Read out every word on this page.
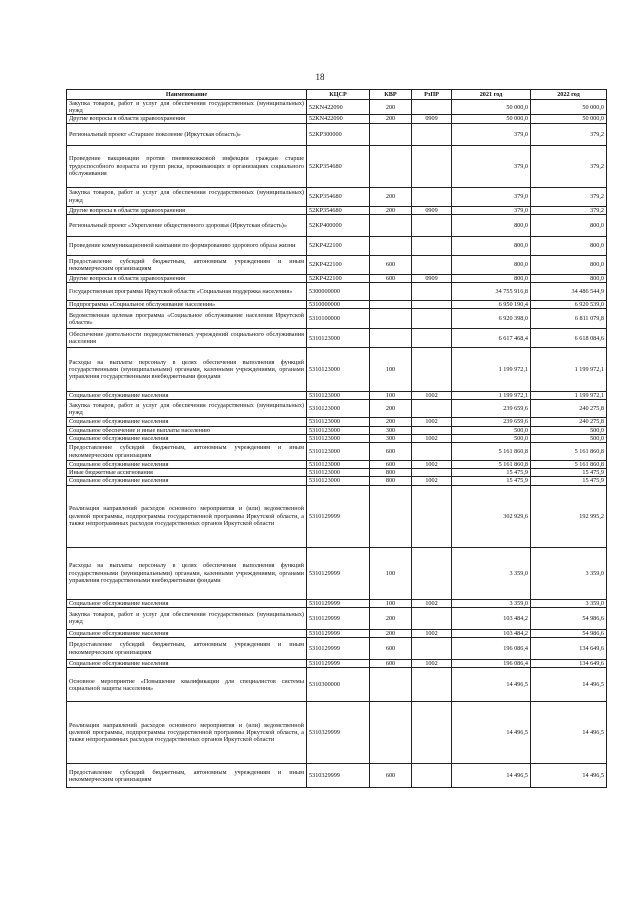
18
Наименование	КЦСР	КВР	РзПР	2021 год	2022 год
Закупка товаров, работ и услуг для обеспечения государственных (муниципальных) нужд	52KN422090	200		50 000,0	50 000,0
Другие вопросы в области здравоохранения	52KN422090	200	0909	50 000,0	50 000,0
Региональный проект «Старшее поколение (Иркутская область)»	52KP300000			379,0	379,2
Проведение вакцинации против пневмококковой инфекции граждан старше трудоспособного возраста из групп риска, проживающих в организациях социального обслуживания	52KP354680			379,0	379,2
Закупка товаров, работ и услуг для обеспечения государственных (муниципальных) нужд	52KP354680	200		379,0	379,2
Другие вопросы в области здравоохранения	52KP354680	200	0909	379,0	379,2
Региональный проект «Укрепление общественного здоровья (Иркутская область)»	52KP400000			800,0	800,0
Проведение коммуникационной кампании по формированию здорового образа жизни	52KP422100			800,0	800,0
Предоставление субсидий бюджетным, автономным учреждениям и иным некоммерческим организациям	52KP422100	600		800,0	800,0
Другие вопросы в области здравоохранения	52KP422100	600	0909	800,0	800,0
Государственная программа Иркутской области «Социальная поддержка населения»	5300000000			34 755 916,8	34 486 544,9
Подпрограмма «Социальное обслуживание населения»	5310000000			6 950 190,4	6 920 539,0
Ведомственная целевая программа «Социальное обслуживание населения Иркутской области»	5310100000			6 920 398,0	6 811 079,8
Обеспечение деятельности подведомственных учреждений социального обслуживания населения	5310123000			6 617 468,4	6 618 084,6
Расходы на выплаты персоналу в целях обеспечения выполнения функций государственными (муниципальными) органами, казенными учреждениями, органами управления государственными внебюджетными фондами	5310123000	100		1 199 972,1	1 199 972,1
Социальное обслуживание населения	5310123000	100	1002	1 199 972,1	1 199 972,1
Закупка товаров, работ и услуг для обеспечения государственных (муниципальных) нужд	5310123000	200		239 659,6	240 275,8
Социальное обслуживание населения	5310123000	200	1002	239 659,6	240 275,8
Социальное обеспечение и иные выплаты населению	5310123000	300		500,0	500,0
Социальное обслуживание населения	5310123000	300	1002	500,0	500,0
Предоставление субсидий бюджетным, автономным учреждениям и иным некоммерческим организациям	5310123000	600		5 161 860,8	5 161 860,8
Социальное обслуживание населения	5310123000	600	1002	5 161 860,8	5 161 860,8
Иные бюджетные ассигнования	5310123000	800		15 475,9	15 475,9
Социальное обслуживание населения	5310123000	800	1002	15 475,9	15 475,9
Реализация направлений расходов основного мероприятия и (или) ведомственной целевой программы, подпрограммы государственной программы Иркутской области, а также непрограммных расходов государственных органов Иркутской области	5310129999			302 929,6	192 995,2
Расходы на выплаты персоналу в целях обеспечения выполнения функций государственными (муниципальными) органами, казенными учреждениями, органами управления государственными внебюджетными фондами	5310129999	100		3 359,0	3 359,0
Социальное обслуживание населения	5310129999	100	1002	3 359,0	3 359,0
Закупка товаров, работ и услуг для обеспечения государственных (муниципальных) нужд	5310129999	200		103 484,2	54 986,6
Социальное обслуживание населения	5310129999	200	1002	103 484,2	54 986,6
Предоставление субсидий бюджетным, автономным учреждениям и иным некоммерческим организациям	5310129999	600		196 086,4	134 649,6
Социальное обслуживание населения	5310129999	600	1002	196 086,4	134 649,6
Основное мероприятие «Повышение квалификации для специалистов системы социальной защиты населения»	5310300000			14 496,5	14 496,5
Реализация направлений расходов основного мероприятия и (или) ведомственной целевой программы, подпрограммы государственной программы Иркутской области, а также непрограммных расходов государственных органов Иркутской области	5310329999			14 496,5	14 496,5
Предоставление субсидий бюджетным, автономным учреждениям и иным некоммерческим организациям	5310329999	600		14 496,5	14 496,5
